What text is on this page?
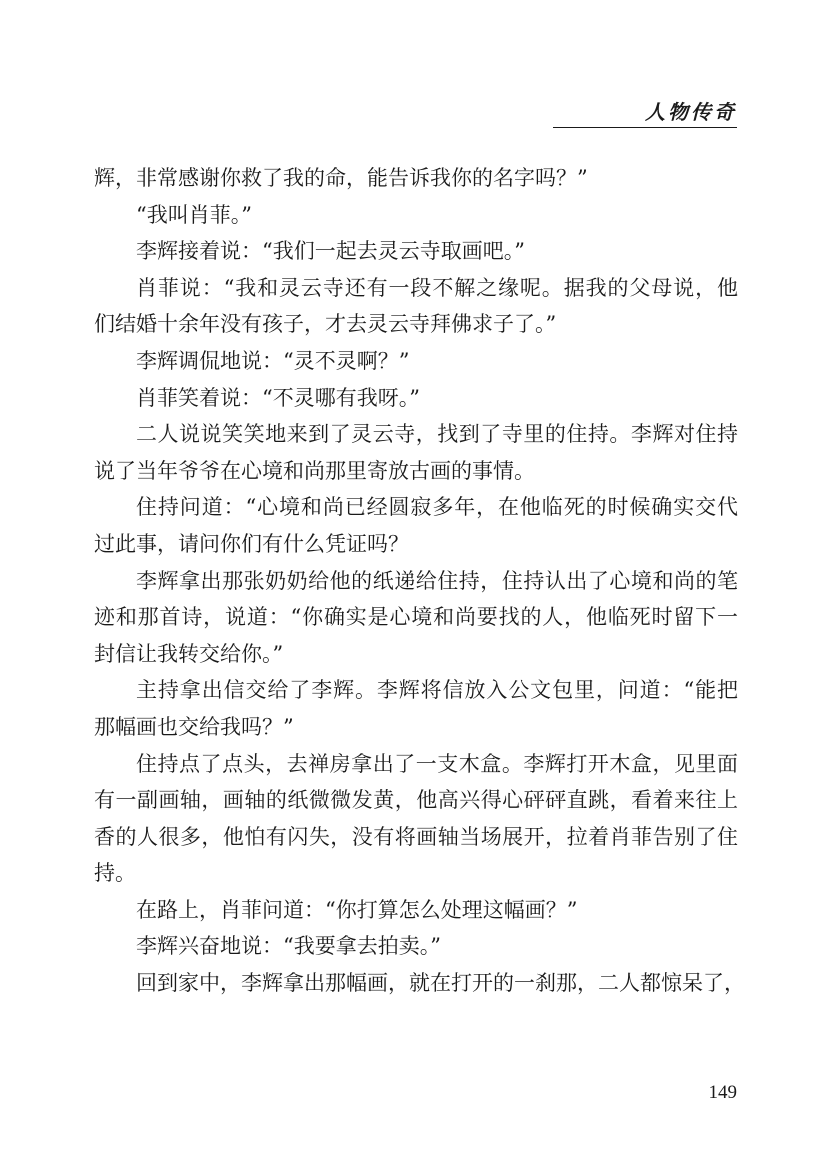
人物传奇
辉，非常感谢你救了我的命，能告诉我你的名字吗？”
“我叫肖菲。”
李辉接着说：“我们一起去灵云寺取画吧。”
肖菲说：“我和灵云寺还有一段不解之缘呢。据我的父母说，他
们结婚十余年没有孩子，才去灵云寺拜佛求子了。”
李辉调侃地说：“灵不灵啊？”
肖菲笑着说：“不灵哪有我呀。”
二人说说笑笑地来到了灵云寺，找到了寺里的住持。李辉对住持
说了当年爷爷在心境和尚那里寄放古画的事情。
住持问道：“心境和尚已经圆寂多年，在他临死的时候确实交代
过此事，请问你们有什么凭证吗？
李辉拿出那张奶奶给他的纸递给住持，住持认出了心境和尚的笔
迹和那首诗，说道：“你确实是心境和尚要找的人，他临死时留下一
封信让我转交给你。”
主持拿出信交给了李辉。李辉将信放入公文包里，问道：“能把
那幅画也交给我吗？”
住持点了点头，去禅房拿出了一支木盒。李辉打开木盒，见里面
有一副画轴，画轴的纸微微发黄，他高兴得心砰砰直跳，看着来往上
香的人很多，他怕有闪失，没有将画轴当场展开，拉着肖菲告别了住
持。
在路上，肖菲问道：“你打算怎么处理这幅画？”
李辉兴奋地说：“我要拿去拍卖。”
回到家中，李辉拿出那幅画，就在打开的一刹那，二人都惊呆了，
149
